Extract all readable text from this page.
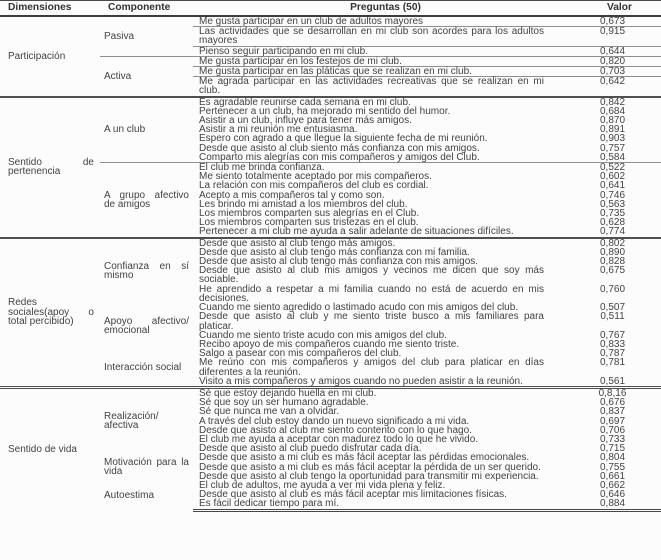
Dimensiones	Componente	Preguntas (50)	Valor
Participación	Pasiva	Me gusta participar en un club de adultos mayores	0,673
		Las actividades que se desarrollan en mi club son acordes para los adultos mayores	0,915
		Pienso seguir participando en mi club.	0,644
	Activa	Me gusta participar en los festejos de mi club.	0,820
		Me gusta participar en las pláticas que se realizan en mi club.	0,703
		Me agrada participar en las actividades recreativas que se realizan en mi club.	0,642
Sentido de pertenencia	A un club	Es agradable reunirse cada semana en mi club.	0,842
		Pertenecer a un club, ha mejorado mi sentido del humor.	0,684
		Asistir a un club, influye para tener más amigos.	0,870
		Asistir a mi reunión me entusiasma.	0,891
		Espero con agrado a que llegue la siguiente fecha de mi reunión.	0,903
		Desde que asisto al club siento más confianza con mis amigos.	0,757
		Comparto mis alegrías con mis compañeros y amigos del Club.	0,584
	A grupo afectivo de amigos	El club me brinda confianza.	0,522
		Me siento totalmente aceptado por mis compañeros.	0,602
		La relación con mis compañeros del club es cordial.	0,641
		Acepto a mis compañeros tal y como son.	0,746
		Les brindo mi amistad a los miembros del club.	0,563
		Los miembros comparten sus alegrías en el Club.	0,735
		Los miembros comparten sus tristezas en el club.	0,628
		Pertenecer a mi club me ayuda a salir adelante de situaciones difíciles.	0,774
Redes sociales(apoy o total percibido)	Confianza en sí mismo	Desde que asisto al club tengo más amigos.	0,802
		Desde que asisto al club tengo más confianza con mi familia.	0,890
		Desde que asisto al club tengo más confianza con mis amigos.	0,828
		Desde que asisto al club mis amigos y vecinos me dicen que soy más sociable.	0,675
		He aprendido a respetar a mi familia cuando no está de acuerdo en mis decisiones.	0,760
	Apoyo afectivo/ emocional	Cuando me siento agredido o lastimado acudo con mis amigos del club.	0,507
		Desde que asisto al club y me siento triste busco a mis familiares para platicar.	0,511
		Cuando me siento triste acudo con mis amigos del club.	0,767
		Recibo apoyo de mis compañeros cuando me siento triste.	0,833
	Interacción social	Salgo a pasear con mis compañeros del club.	0,787
		Me reúno con mis compañeros y amigos del club para platicar en días diferentes a la reunión.	0,781
		Visito a mis compañeros y amigos cuando no pueden asistir a la reunión.	0,561
Sentido de vida	Realización/ afectiva	Sé que estoy dejando huella en mi club.	0,8,16
		Sé que soy un ser humano agradable.	0,676
		Sé que nunca me van a olvidar.	0,837
		A través del club estoy dando un nuevo significado a mi vida.	0,697
		Desde que asisto al club me siento contento con lo que hago.	0,706
		El club me ayuda a aceptar con madurez todo lo que he vivido.	0,733
		Desde que asisto al club puedo disfrutar cada día.	0,715
	Motivación para la vida	Desde que asisto a mi club es más fácil aceptar las pérdidas emocionales.	0,804
		Desde que asisto a mi club es más fácil aceptar la pérdida de un ser querido.	0,755
		Desde que asisto al club tengo la oportunidad para transmitir mi experiencia.	0,661
	Autoestima	El club de adultos, me ayuda a ver mi vida plena y feliz.	0,662
		Desde que asisto al club es más fácil aceptar mis limitaciones físicas.	0,646
		Es fácil dedicar tiempo para mí.	0,884
